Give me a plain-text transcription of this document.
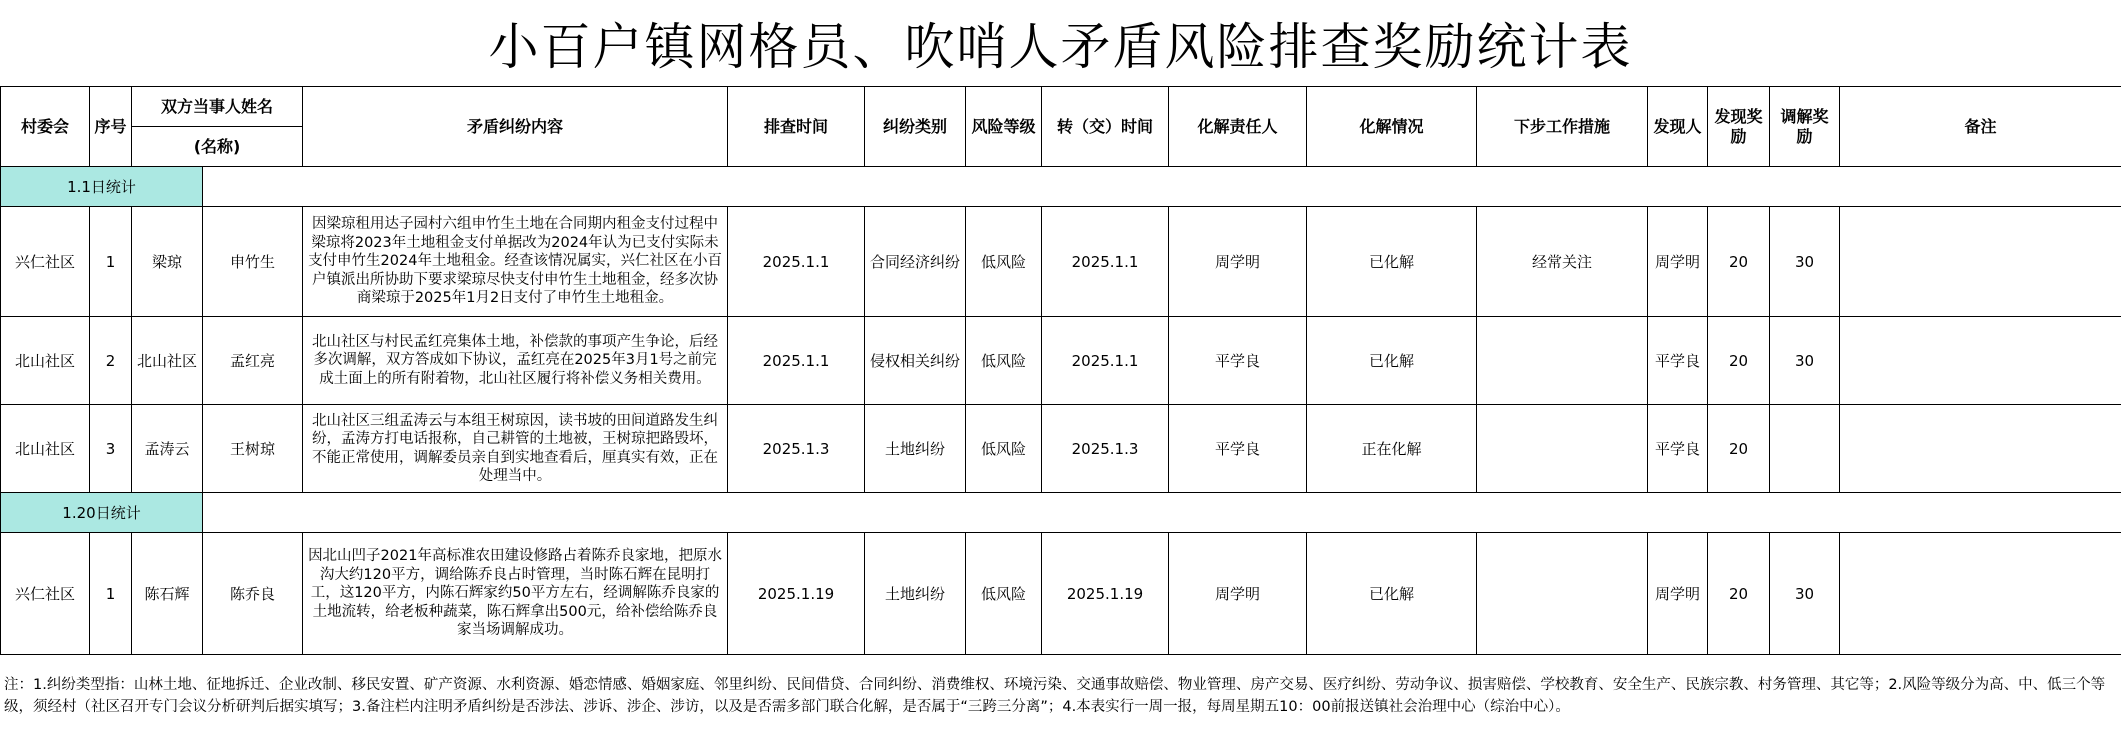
小百户镇网格员、吹哨人矛盾风险排查奖励统计表
村委会	序号	双方当事人姓名		矛盾纠纷内容	排查时间	纠纷类别	风险等级	转（交）时间	化解责任人	化解情况	下步工作措施	发现人	发现奖励	调解奖励	备注
		(名称)													
1.1日统计															
兴仁社区	1	梁琼	申竹生	因梁琼租用达子园村六组申竹生土地在合同期内租金支付过程中梁琼将2023年土地租金支付单据改为2024年认为已支付实际未支付申竹生2024年土地租金。经查该情况属实，兴仁社区在小百户镇派出所协助下要求梁琼尽快支付申竹生土地租金，经多次协商梁琼于2025年1月2日支付了申竹生土地租金。	2025.1.1	合同经济纠纷	低风险	2025.1.1	周学明	已化解	经常关注	周学明	20	30	
北山社区	2	北山社区	孟红亮	北山社区与村民孟红亮集体土地，补偿款的事项产生争论，后经多次调解，双方答成如下协议，孟红亮在2025年3月1号之前完成土面上的所有附着物，北山社区履行将补偿义务相关费用。	2025.1.1	侵权相关纠纷	低风险	2025.1.1	平学良	已化解		平学良	20	30	
北山社区	3	孟涛云	王树琼	北山社区三组孟涛云与本组王树琼因，读书坡的田间道路发生纠纷，孟涛方打电话报称，自己耕管的土地被，王树琼把路毁坏，不能正常使用，调解委员亲自到实地查看后，厘真实有效，正在处理当中。	2025.1.3	土地纠纷	低风险	2025.1.3	平学良	正在化解		平学良	20		
1.20日统计															
兴仁社区	1	陈石辉	陈乔良	因北山凹子2021年高标准农田建设修路占着陈乔良家地，把原水沟大约120平方，调给陈乔良占时管理，当时陈石辉在昆明打工，这120平方，内陈石辉家约50平方左右，经调解陈乔良家的土地流转，给老板种蔬菜，陈石辉拿出500元，给补偿给陈乔良家当场调解成功。	2025.1.19	土地纠纷	低风险	2025.1.19	周学明	已化解		周学明	20	30	
注：1.纠纷类型指：山林土地、征地拆迁、企业改制、移民安置、矿产资源、水利资源、婚恋情感、婚姻家庭、邻里纠纷、民间借贷、合同纠纷、消费维权、环境污染、交通事故赔偿、物业管理、房产交易、医疗纠纷、劳动争议、损害赔偿、学校教育、安全生产、民族宗教、村务管理、其它等；2.风险等级分为高、中、低三个等级，须经村（社区召开专门会议分析研判后据实填写；3.备注栏内注明矛盾纠纷是否涉法、涉诉、涉企、涉访，以及是否需多部门联合化解，是否属于“三跨三分离”；4.本表实行一周一报，每周星期五10：00前报送镇社会治理中心（综治中心）。
